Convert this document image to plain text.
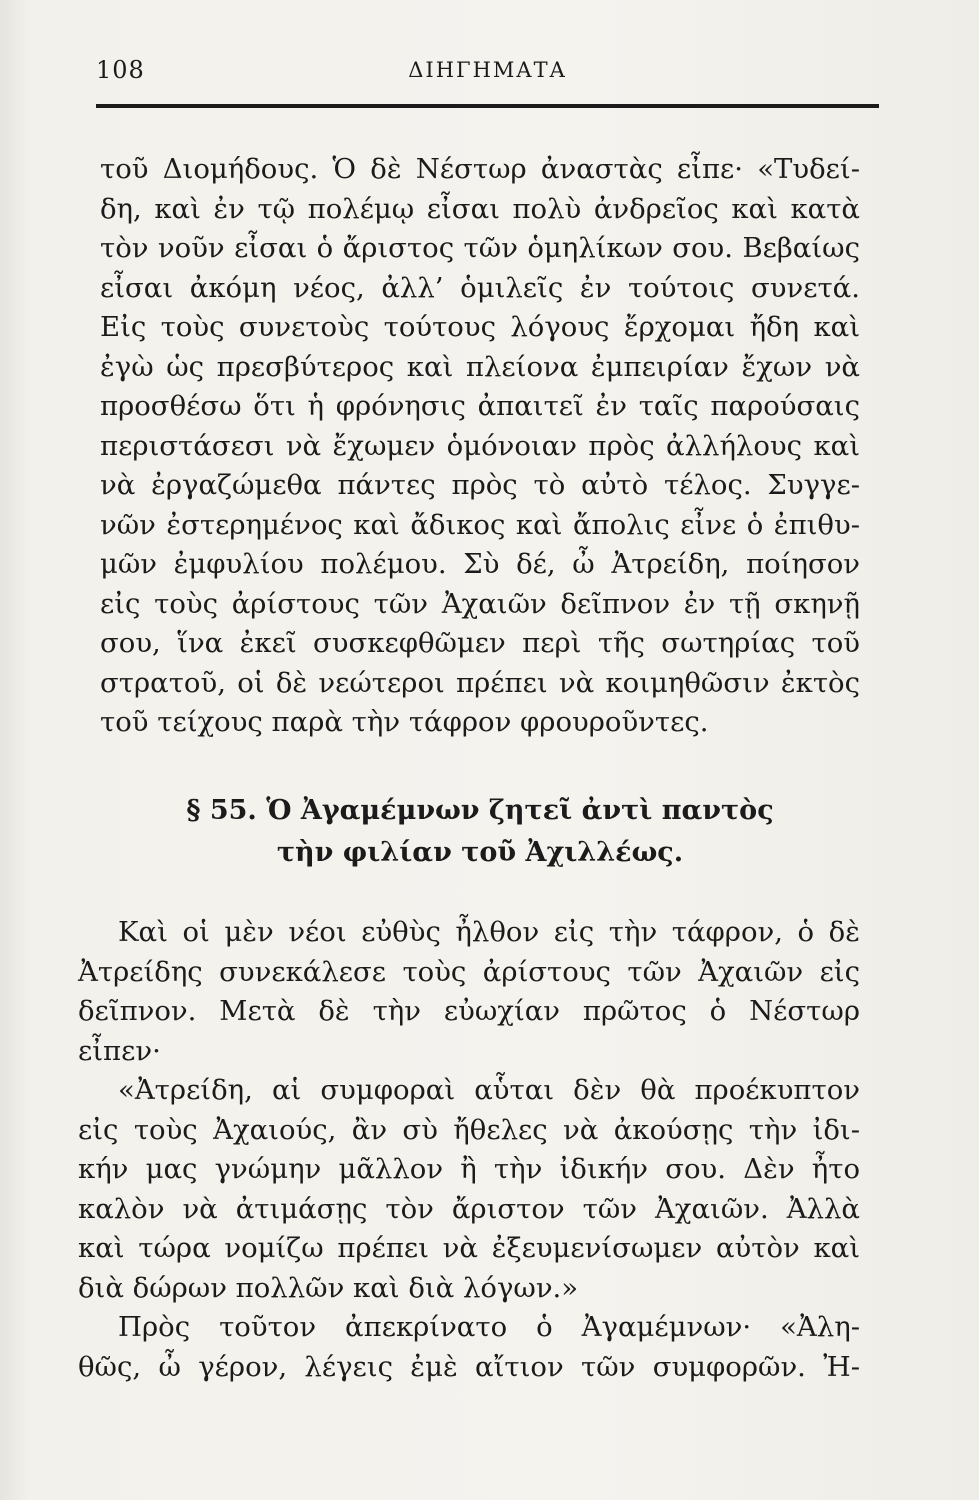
108	ΔΙΗΓΗΜΑΤΑ
τοῦ Διομήδους. Ὁ δὲ Νέστωρ ἀναστὰς εἶπε· «Τυδεί-
δη, καὶ ἐν τῷ πολέμῳ εἶσαι πολὺ ἀνδρεῖος καὶ κατὰ
τὸν νοῦν εἶσαι ὁ ἄριστος τῶν ὁμηλίκων σου. Βεβαίως
εἶσαι ἀκόμη νέος, ἀλλ’ ὁμιλεῖς ἐν τούτοις συνετά.
Εἰς τοὺς συνετοὺς τούτους λόγους ἔρχομαι ἤδη καὶ
ἐγὼ ὡς πρεσβύτερος καὶ πλείονα ἐμπειρίαν ἔχων νὰ
προσθέσω ὅτι ἡ φρόνησις ἀπαιτεῖ ἐν ταῖς παρούσαις
περιστάσεσι νὰ ἔχωμεν ὁμόνοιαν πρὸς ἀλλήλους καὶ
νὰ ἐργαζώμεθα πάντες πρὸς τὸ αὐτὸ τέλος. Συγγε-
νῶν ἐστερημένος καὶ ἄδικος καὶ ἄπολις εἶνε ὁ ἐπιθυ-
μῶν ἐμφυλίου πολέμου. Σὺ δέ, ὦ Ἀτρείδη, ποίησον
εἰς τοὺς ἀρίστους τῶν Ἀχαιῶν δεῖπνον ἐν τῇ σκηνῇ
σου, ἵνα ἐκεῖ συσκεφθῶμεν περὶ τῆς σωτηρίας τοῦ
στρατοῦ, οἱ δὲ νεώτεροι πρέπει νὰ κοιμηθῶσιν ἐκτὸς
τοῦ τείχους παρὰ τὴν τάφρον φρουροῦντες.
§ 55. Ὁ Ἀγαμέμνων ζητεῖ ἀντὶ παντὸς
τὴν φιλίαν τοῦ Ἀχιλλέως.
Καὶ οἱ μὲν νέοι εὐθὺς ἦλθον εἰς τὴν τάφρον, ὁ δὲ
Ἀτρείδης συνεκάλεσε τοὺς ἀρίστους τῶν Ἀχαιῶν εἰς
δεῖπνον. Μετὰ δὲ τὴν εὐωχίαν πρῶτος ὁ Νέστωρ
εἶπεν·
«Ἀτρείδη, αἱ συμφοραὶ αὗται δὲν θὰ προέκυπτον
εἰς τοὺς Ἀχαιούς, ἂν σὺ ἤθελες νὰ ἀκούσῃς τὴν ἰδι-
κήν μας γνώμην μᾶλλον ἢ τὴν ἰδικήν σου. Δὲν ἦτο
καλὸν νὰ ἀτιμάσῃς τὸν ἄριστον τῶν Ἀχαιῶν. Ἀλλὰ
καὶ τώρα νομίζω πρέπει νὰ ἐξευμενίσωμεν αὐτὸν καὶ
διὰ δώρων πολλῶν καὶ διὰ λόγων.»
Πρὸς τοῦτον ἀπεκρίνατο ὁ Ἀγαμέμνων· «Ἀλη-
θῶς, ὦ γέρον, λέγεις ἐμὲ αἴτιον τῶν συμφορῶν. Ἠ-
